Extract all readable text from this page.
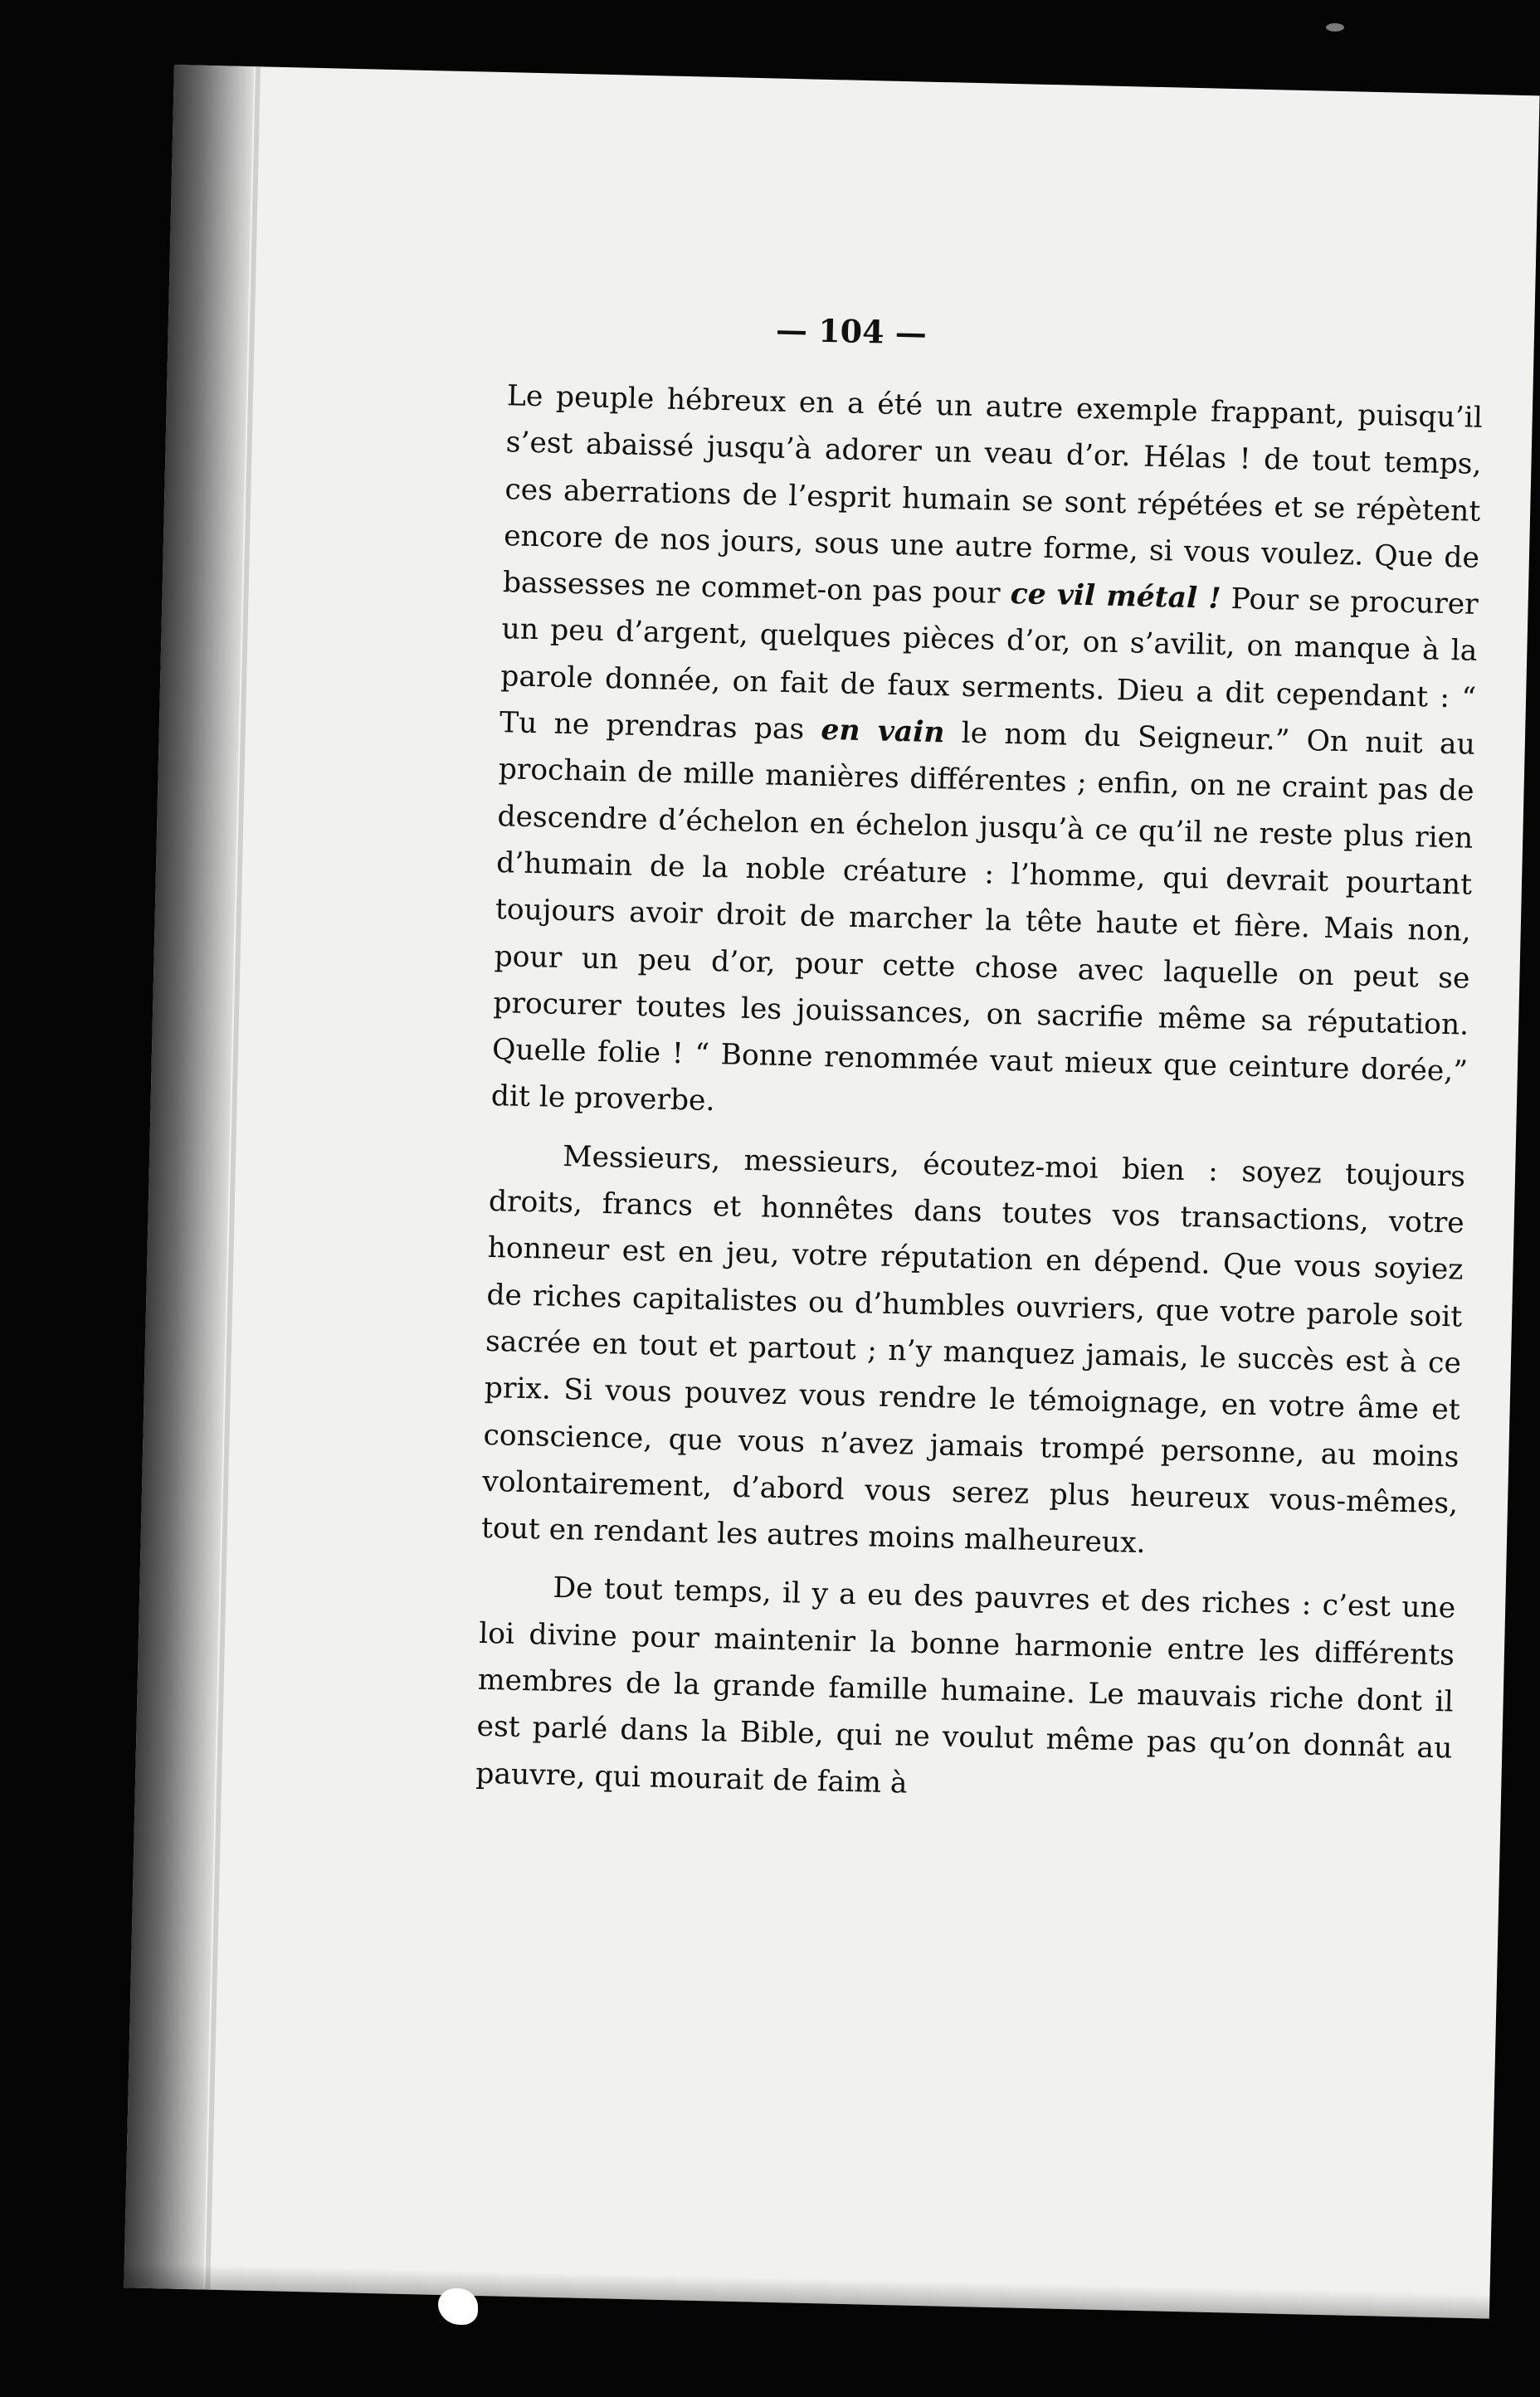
— 104 —

Le peuple hébreux en a été un autre exemple frappant, puisqu’il s’est abaissé jusqu’à adorer un veau d’or. Hélas ! de tout temps, ces aberrations de l’esprit humain se sont répétées et se répètent encore de nos jours, sous une autre forme, si vous voulez. Que de bassesses ne commet-on pas pour ce vil métal ! Pour se procurer un peu d’argent, quelques pièces d’or, on s’avilit, on manque à la parole donnée, on fait de faux serments. Dieu a dit cependant : “ Tu ne prendras pas en vain le nom du Seigneur.” On nuit au prochain de mille manières différentes ; enfin, on ne craint pas de descendre d’échelon en échelon jusqu’à ce qu’il ne reste plus rien d’humain de la noble créature : l’homme, qui devrait pourtant toujours avoir droit de marcher la tête haute et fière. Mais non, pour un peu d’or, pour cette chose avec laquelle on peut se procurer toutes les jouissances, on sacrifie même sa réputation. Quelle folie ! “ Bonne renommée vaut mieux que ceinture dorée,” dit le proverbe.

Messieurs, messieurs, écoutez-moi bien : soyez toujours droits, francs et honnêtes dans toutes vos transactions, votre honneur est en jeu, votre réputation en dépend. Que vous soyiez de riches capitalistes ou d’humbles ouvriers, que votre parole soit sacrée en tout et partout ; n’y manquez jamais, le succès est à ce prix. Si vous pouvez vous rendre le témoignage, en votre âme et conscience, que vous n’avez jamais trompé personne, au moins volontairement, d’abord vous serez plus heureux vous-mêmes, tout en rendant les autres moins malheureux.

De tout temps, il y a eu des pauvres et des riches : c’est une loi divine pour maintenir la bonne harmonie entre les différents membres de la grande famille humaine. Le mauvais riche dont il est parlé dans la Bible, qui ne voulut même pas qu’on donnât au pauvre, qui mourait de faim à
